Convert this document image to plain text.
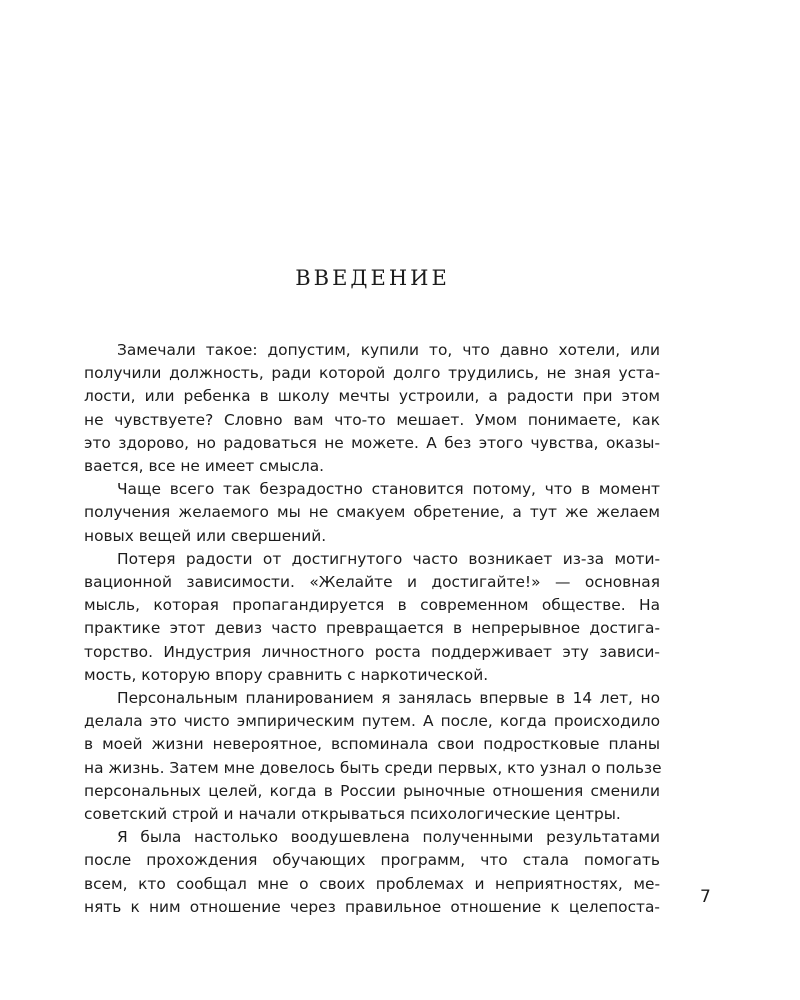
ВВЕДЕНИЕ
Замечали такое: допустим, купили то, что давно хотели, или
получили должность, ради которой долго трудились, не зная уста-
лости, или ребенка в школу мечты устроили, а радости при этом
не чувствуете? Словно вам что-то мешает. Умом понимаете, как
это здорово, но радоваться не можете. А без этого чувства, оказы-
вается, все не имеет смысла.
Чаще всего так безрадостно становится потому, что в момент
получения желаемого мы не смакуем обретение, а тут же желаем
новых вещей или свершений.
Потеря радости от достигнутого часто возникает из-за моти-
вационной зависимости. «Желайте и достигайте!» — основная
мысль, которая пропагандируется в современном обществе. На
практике этот девиз часто превращается в непрерывное достига-
торство. Индустрия личностного роста поддерживает эту зависи-
мость, которую впору сравнить с наркотической.
Персональным планированием я занялась впервые в 14 лет, но
делала это чисто эмпирическим путем. А после, когда происходило
в моей жизни невероятное, вспоминала свои подростковые планы
на жизнь. Затем мне довелось быть среди первых, кто узнал о пользе
персональных целей, когда в России рыночные отношения сменили
советский строй и начали открываться психологические центры.
Я была настолько воодушевлена полученными результатами
после прохождения обучающих программ, что стала помогать
всем, кто сообщал мне о своих проблемах и неприятностях, ме-
нять к ним отношение через правильное отношение к целепоста- 7
